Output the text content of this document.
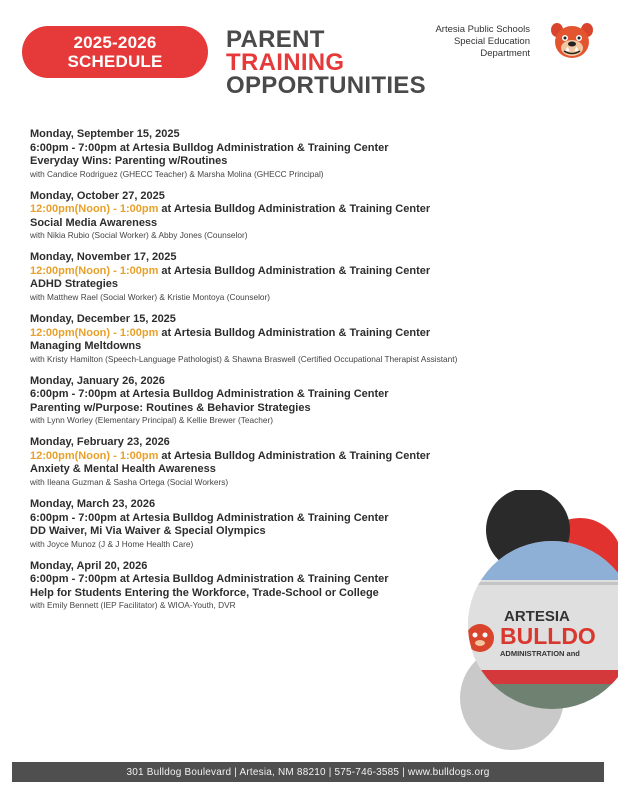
2025-2026
SCHEDULE
PARENT
TRAINING
OPPORTUNITIES
Artesia Public Schools
Special Education
Department
Monday, September 15, 2025
6:00pm - 7:00pm at Artesia Bulldog Administration & Training Center
Everyday Wins: Parenting w/Routines
with Candice Rodriguez (GHECC Teacher) & Marsha Molina (GHECC Principal)
Monday, October 27, 2025
12:00pm(Noon) - 1:00pm at Artesia Bulldog Administration & Training Center
Social Media Awareness
with Nikia Rubio (Social Worker) & Abby Jones (Counselor)
Monday, November 17, 2025
12:00pm(Noon) - 1:00pm at Artesia Bulldog Administration & Training Center
ADHD Strategies
with Matthew Rael (Social Worker) & Kristie Montoya (Counselor)
Monday, December 15, 2025
12:00pm(Noon) - 1:00pm at Artesia Bulldog Administration & Training Center
Managing Meltdowns
with Kristy Hamilton (Speech-Language Pathologist) & Shawna Braswell (Certified Occupational Therapist Assistant)
Monday, January 26, 2026
6:00pm - 7:00pm at Artesia Bulldog Administration & Training Center
Parenting w/Purpose: Routines & Behavior Strategies
with Lynn Worley (Elementary Principal) & Kellie Brewer (Teacher)
Monday, February 23, 2026
12:00pm(Noon) - 1:00pm at Artesia Bulldog Administration & Training Center
Anxiety & Mental Health Awareness
with Ileana Guzman & Sasha Ortega (Social Workers)
Monday, March 23, 2026
6:00pm - 7:00pm at Artesia Bulldog Administration & Training Center
DD Waiver, Mi Via Waiver & Special Olympics
with Joyce Munoz (J & J Home Health Care)
Monday, April 20, 2026
6:00pm - 7:00pm at Artesia Bulldog Administration & Training Center
Help for Students Entering the Workforce, Trade-School or College
with Emily Bennett (IEP Facilitator) & WIOA-Youth, DVR
ARTESIA
BULLDO
ADMINISTRATION and
301 Bulldog Boulevard | Artesia, NM 88210 | 575-746-3585 | www.bulldogs.org
